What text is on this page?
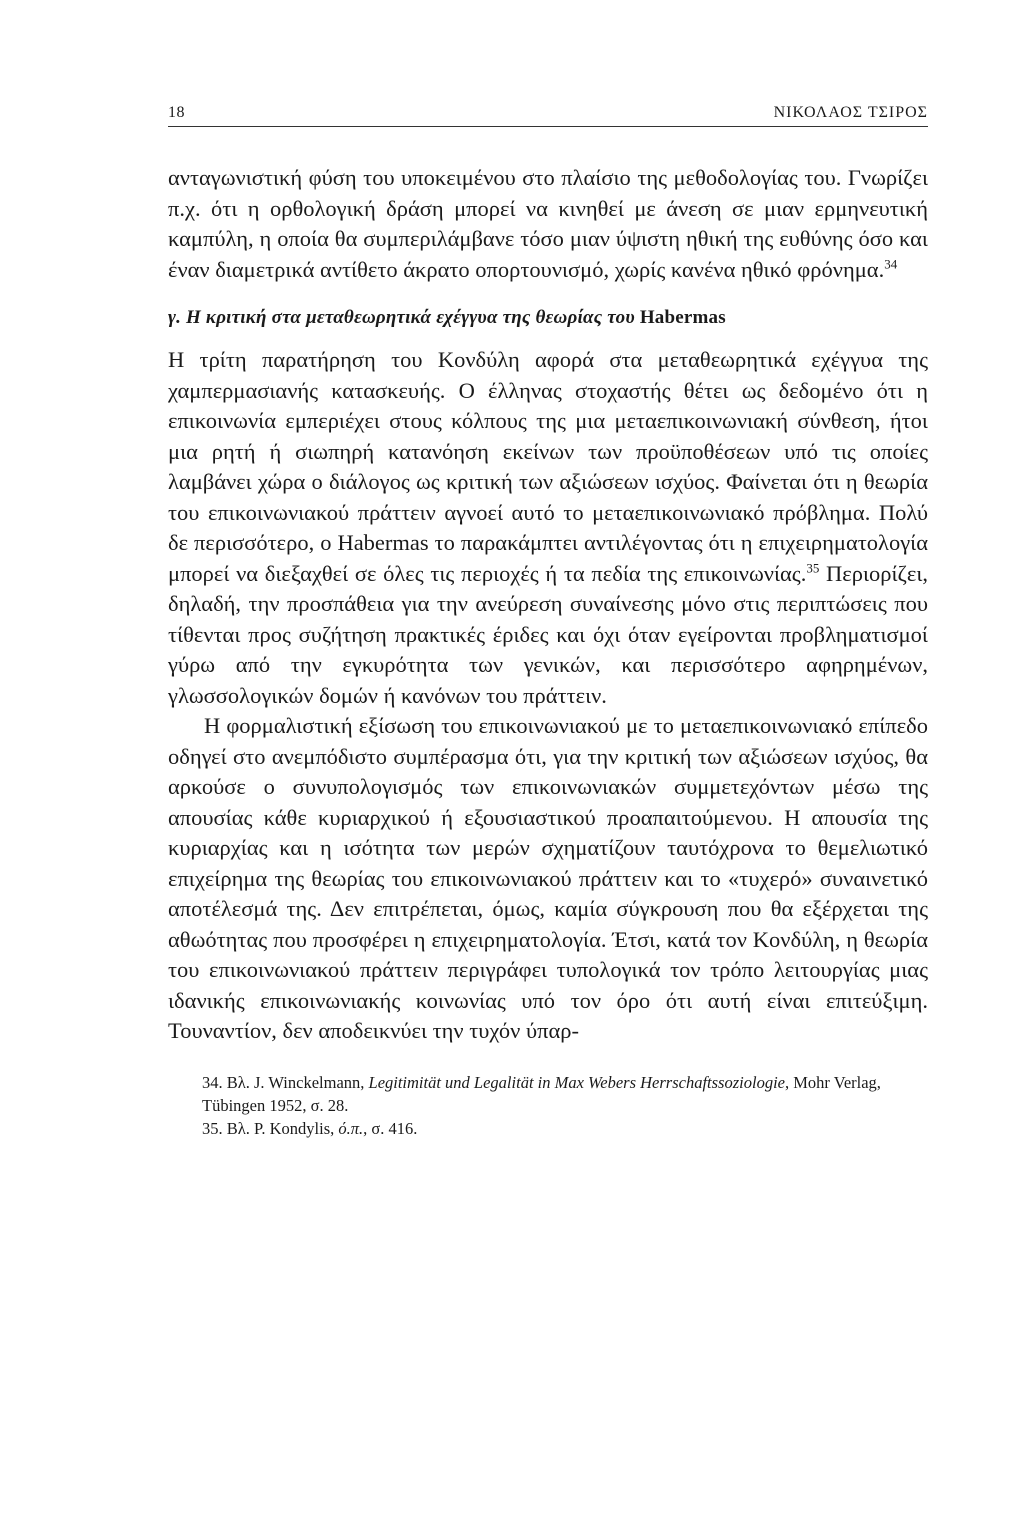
18	ΝΙΚΟΛΑΟΣ ΤΣΙΡΟΣ

ανταγωνιστική φύση του υποκειμένου στο πλαίσιο της μεθοδολογίας του. Γνωρίζει π.χ. ότι η ορθολογική δράση μπορεί να κινηθεί με άνεση σε μιαν ερμηνευτική καμπύλη, η οποία θα συμπεριλάμβανε τόσο μιαν ύψιστη ηθική της ευθύνης όσο και έναν διαμετρικά αντίθετο άκρατο οπορτουνισμό, χωρίς κανένα ηθικό φρόνημα.$^{34}$

γ. Η κριτική στα μεταθεωρητικά εχέγγυα της θεωρίας του Habermas

Η τρίτη παρατήρηση του Κονδύλη αφορά στα μεταθεωρητικά εχέγγυα της χαμπερμασιανής κατασκευής. Ο έλληνας στοχαστής θέτει ως δεδομένο ότι η επικοινωνία εμπεριέχει στους κόλπους της μια μεταεπικοινωνιακή σύνθεση, ήτοι μια ρητή ή σιωπηρή κατανόηση εκείνων των προϋποθέσεων υπό τις οποίες λαμβάνει χώρα ο διάλογος ως κριτική των αξιώσεων ισχύος. Φαίνεται ότι η θεωρία του επικοινωνιακού πράττειν αγνοεί αυτό το μεταεπικοινωνιακό πρόβλημα. Πολύ δε περισσότερο, ο Habermas το παρακάμπτει αντιλέγοντας ότι η επιχειρηματολογία μπορεί να διεξαχθεί σε όλες τις περιοχές ή τα πεδία της επικοινωνίας.$^{35}$ Περιορίζει, δηλαδή, την προσπάθεια για την ανεύρεση συναίνεσης μόνο στις περιπτώσεις που τίθενται προς συζήτηση πρακτικές έριδες και όχι όταν εγείρονται προβληματισμοί γύρω από την εγκυρότητα των γενικών, και περισσότερο αφηρημένων, γλωσσολογικών δομών ή κανόνων του πράττειν.

Η φορμαλιστική εξίσωση του επικοινωνιακού με το μεταεπικοινωνιακό επίπεδο οδηγεί στο ανεμπόδιστο συμπέρασμα ότι, για την κριτική των αξιώσεων ισχύος, θα αρκούσε ο συνυπολογισμός των επικοινωνιακών συμμετεχόντων μέσω της απουσίας κάθε κυριαρχικού ή εξουσιαστικού προαπαιτούμενου. Η απουσία της κυριαρχίας και η ισότητα των μερών σχηματίζουν ταυτόχρονα το θεμελιωτικό επιχείρημα της θεωρίας του επικοινωνιακού πράττειν και το «τυχερό» συναινετικό αποτέλεσμά της. Δεν επιτρέπεται, όμως, καμία σύγκρουση που θα εξέρχεται της αθωότητας που προσφέρει η επιχειρηματολογία. Έτσι, κατά τον Κονδύλη, η θεωρία του επικοινωνιακού πράττειν περιγράφει τυπολογικά τον τρόπο λειτουργίας μιας ιδανικής επικοινωνιακής κοινωνίας υπό τον όρο ότι αυτή είναι επιτεύξιμη. Τουναντίον, δεν αποδεικνύει την τυχόν ύπαρ-

34. Βλ. J. Winckelmann, Legitimität und Legalität in Max Webers Herrschaftssoziologie, Mohr Verlag, Tübingen 1952, σ. 28.
35. Βλ. P. Kondylis, ό.π., σ. 416.
